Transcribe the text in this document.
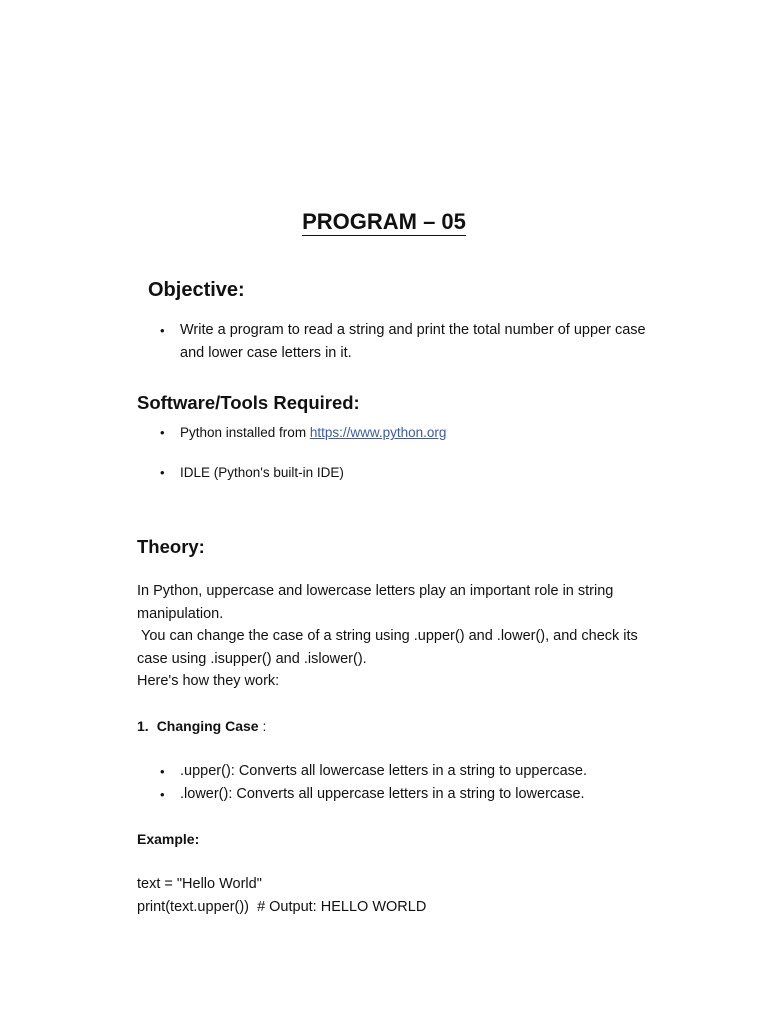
PROGRAM – 05
Objective:
•	Write a program to read a string and print the total number of upper case and lower case letters in it.
Software/Tools Required:
•	Python installed from https://www.python.org
•	IDLE (Python's built-in IDE)
Theory:

In Python, uppercase and lowercase letters play an important role in string manipulation.

You can change the case of a string using .upper() and .lower(), and check its case using .isupper() and .islower().

Here's how they work:

1. Changing Case :
•	.upper(): Converts all lowercase letters in a string to uppercase.
•	.lower(): Converts all uppercase letters in a string to lowercase.
Example:
text = "Hello World"
print(text.upper())  # Output: HELLO WORLD
